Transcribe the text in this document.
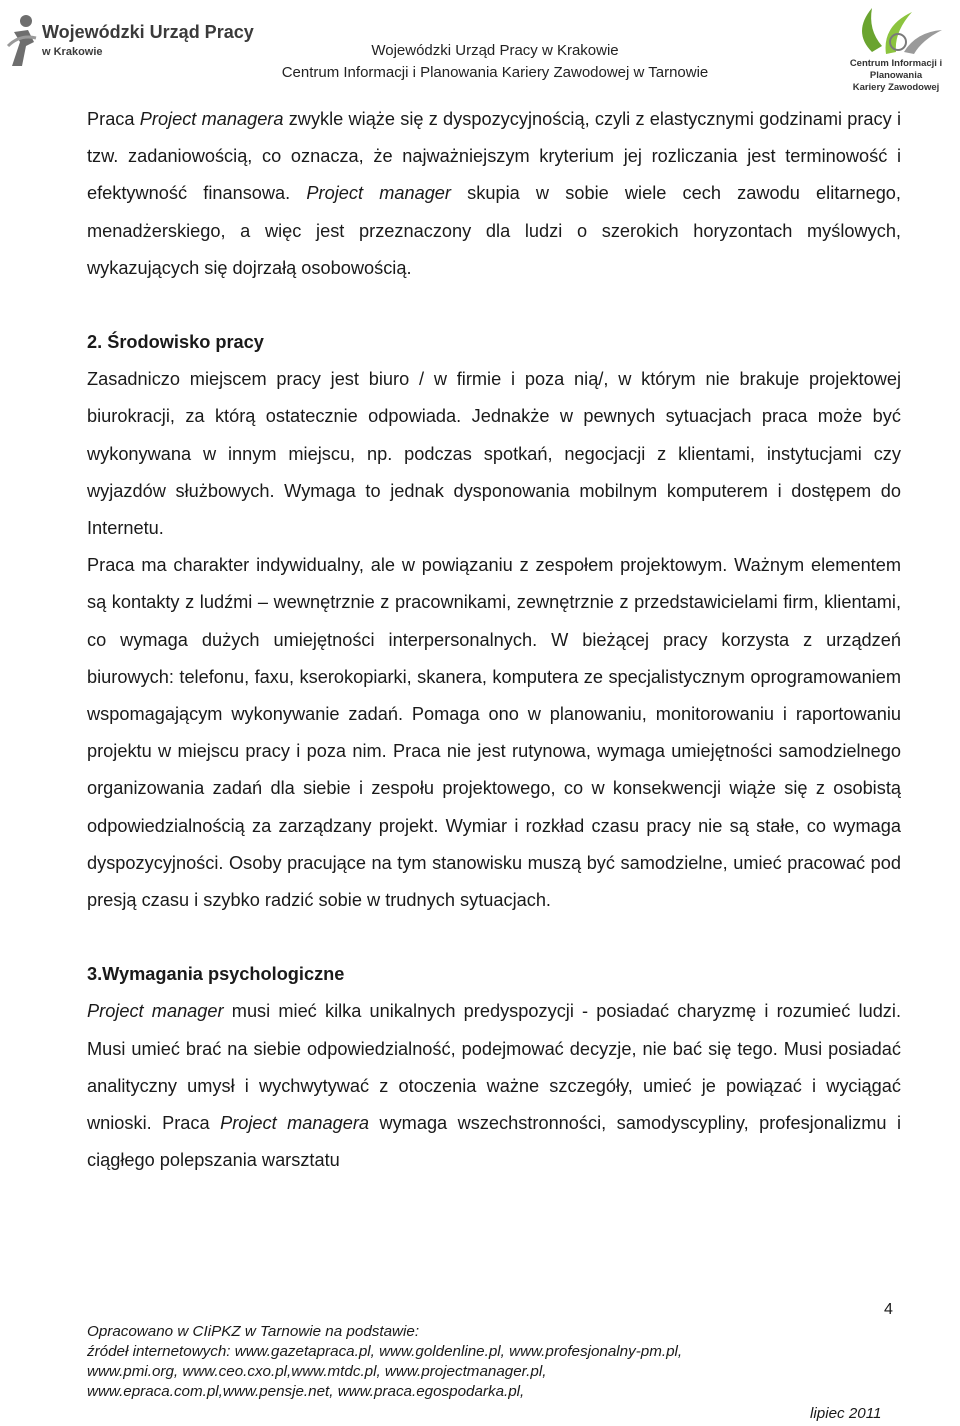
Wojewódzki Urząd Pracy
w Krakowie	Wojewódzki Urząd Pracy w Krakowie
Centrum Informacji i Planowania Kariery Zawodowej w Tarnowie
Centrum Informacji i Planowania
Kariery Zawodowej

Praca Project managera zwykle wiąże się z dyspozycyjnością, czyli z elastycznymi godzinami pracy i tzw. zadaniowością, co oznacza, że najważniejszym kryterium jej rozliczania jest terminowość i efektywność finansowa. Project manager skupia w sobie wiele cech zawodu elitarnego, menadżerskiego, a więc jest przeznaczony dla ludzi o szerokich horyzontach myślowych, wykazujących się dojrzałą osobowością.

2. Środowisko pracy

Zasadniczo miejscem pracy jest biuro / w firmie i poza nią/, w którym nie brakuje projektowej biurokracji, za którą ostatecznie odpowiada. Jednakże w pewnych sytuacjach praca może być wykonywana w innym miejscu, np. podczas spotkań, negocjacji z klientami, instytucjami czy wyjazdów służbowych. Wymaga to jednak dysponowania mobilnym komputerem i dostępem do Internetu.

Praca ma charakter indywidualny, ale w powiązaniu z zespołem projektowym. Ważnym elementem są kontakty z ludźmi – wewnętrznie z pracownikami, zewnętrznie z przedstawicielami firm, klientami, co wymaga dużych umiejętności interpersonalnych. W bieżącej pracy korzysta z urządzeń biurowych: telefonu, faxu, kserokopiarki, skanera, komputera ze specjalistycznym oprogramowaniem wspomagającym wykonywanie zadań. Pomaga ono w planowaniu, monitorowaniu i raportowaniu projektu w miejscu pracy i poza nim. Praca nie jest rutynowa, wymaga umiejętności samodzielnego organizowania zadań dla siebie i zespołu projektowego, co w konsekwencji wiąże się z osobistą odpowiedzialnością za zarządzany projekt. Wymiar i rozkład czasu pracy nie są stałe, co wymaga dyspozycyjności. Osoby pracujące na tym stanowisku muszą być samodzielne, umieć pracować pod presją czasu i szybko radzić sobie w trudnych sytuacjach.

3.Wymagania psychologiczne

Project manager musi mieć kilka unikalnych predyspozycji - posiadać charyzmę i rozumieć ludzi. Musi umieć brać na siebie odpowiedzialność, podejmować decyzje, nie bać się tego. Musi posiadać analityczny umysł i wychwytywać z otoczenia ważne szczegóły, umieć je powiązać i wyciągać wnioski. Praca Project managera wymaga wszechstronności, samodyscypliny, profesjonalizmu i ciągłego polepszania warsztatu

4
Opracowano w CIiPKZ w Tarnowie na podstawie:
źródeł internetowych: www.gazetapraca.pl, www.goldenline.pl, www.profesjonalny-pm.pl,
www.pmi.org, www.ceo.cxo.pl,www.mtdc.pl, www.projectmanager.pl,
www.epraca.com.pl,www.pensje.net, www.praca.egospodarka.pl,
lipiec 2011
